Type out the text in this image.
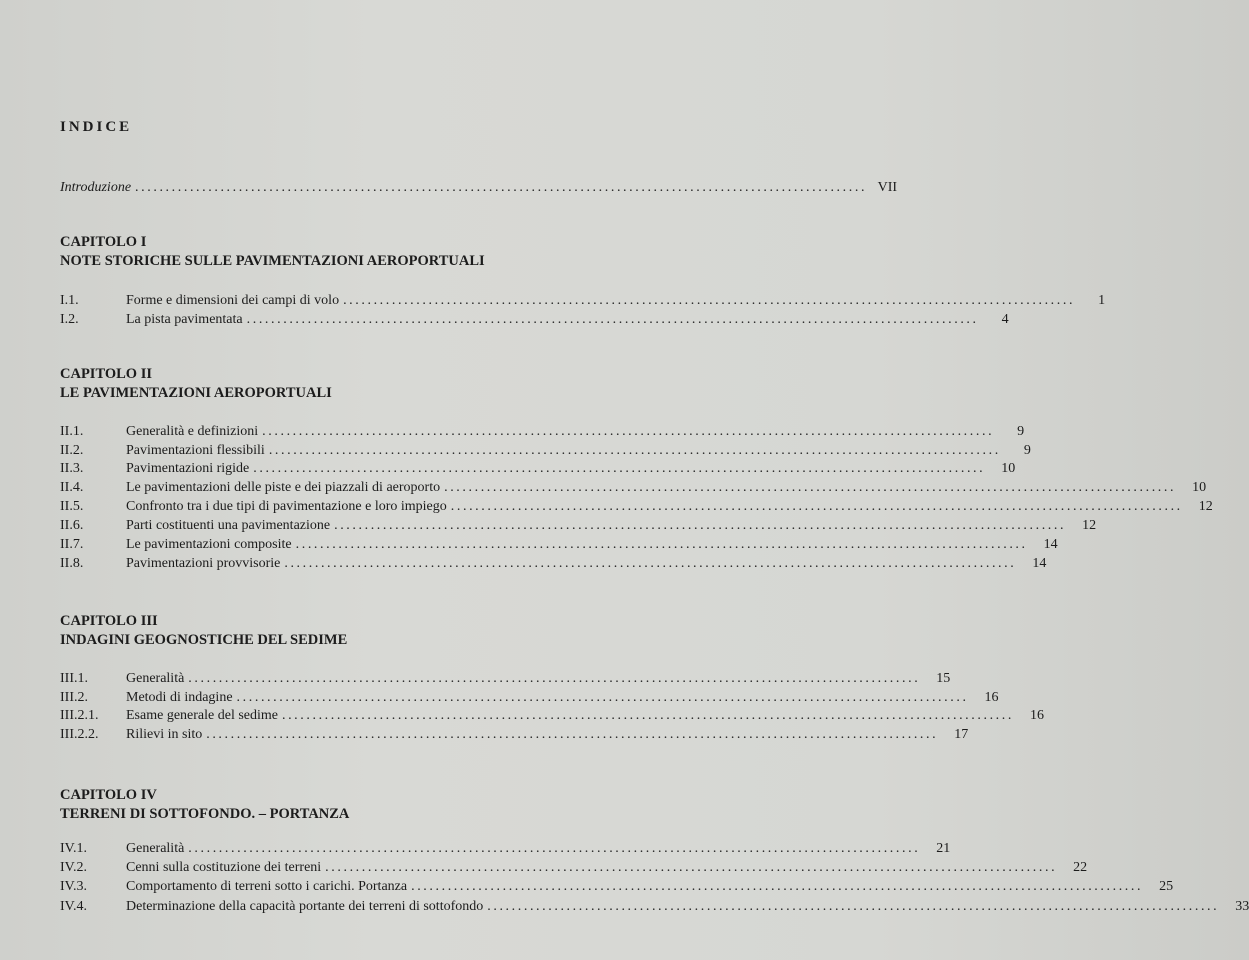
INDICE
Introduzione ........................................................................................................................ VII
CAPITOLO I
NOTE STORICHE SULLE PAVIMENTAZIONI AEROPORTUALI
I.1.	Forme e dimensioni dei campi di volo ........................................................................................................................	1
I.2.	La pista pavimentata ........................................................................................................................	4
CAPITOLO II
LE PAVIMENTAZIONI AEROPORTUALI
II.1.	Generalità e definizioni ........................................................................................................................	9
II.2.	Pavimentazioni flessibili ........................................................................................................................	9
II.3.	Pavimentazioni rigide ........................................................................................................................	10
II.4.	Le pavimentazioni delle piste e dei piazzali di aeroporto ........................................................................................................................	10
II.5.	Confronto tra i due tipi di pavimentazione e loro impiego ........................................................................................................................	12
II.6.	Parti costituenti una pavimentazione ........................................................................................................................	12
II.7.	Le pavimentazioni composite ........................................................................................................................	14
II.8.	Pavimentazioni provvisorie ........................................................................................................................	14
CAPITOLO III
INDAGINI GEOGNOSTICHE DEL SEDIME
III.1.	Generalità ........................................................................................................................	15
III.2.	Metodi di indagine ........................................................................................................................	16
III.2.1.	Esame generale del sedime ........................................................................................................................	16
III.2.2.	Rilievi in sito ........................................................................................................................	17
CAPITOLO IV
TERRENI DI SOTTOFONDO. – PORTANZA
IV.1.	Generalità ........................................................................................................................	21
IV.2.	Cenni sulla costituzione dei terreni ........................................................................................................................	22
IV.3.	Comportamento di terreni sotto i carichi. Portanza ........................................................................................................................	25
IV.4.	Determinazione della capacità portante dei terreni di sottofondo ........................................................................................................................	33
